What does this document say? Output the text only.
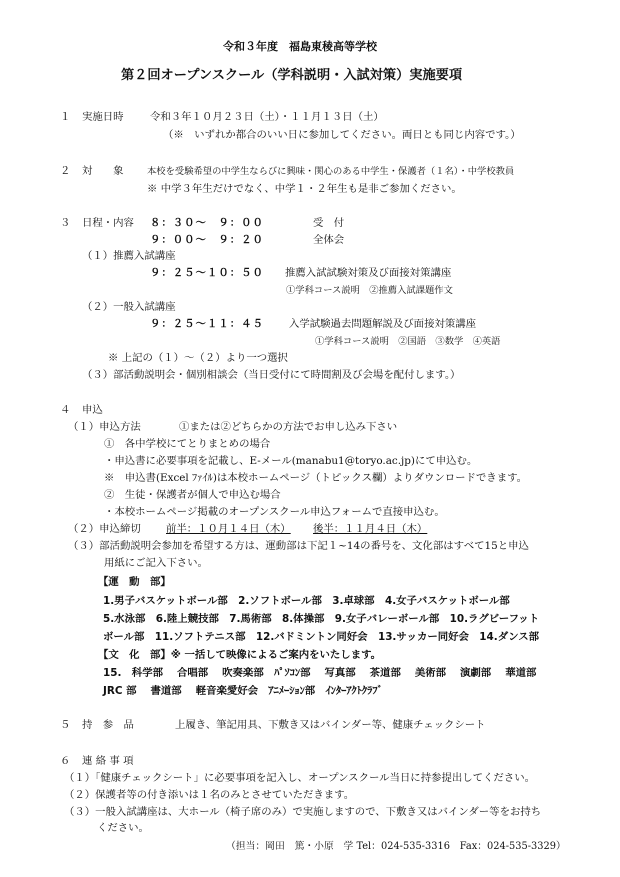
令和３年度　福島東稜高等学校
第２回オープンスクール（学科説明・入試対策）実施要項
１ 実施日時	令和３年１０月２３日（土）・１１月１３日（土）
（※　いずれか都合のいい日に参加してください。両日とも同じ内容です。）
２ 対　　象	本校を受験希望の中学生ならびに興味・関心のある中学生・保護者（１名）・中学校教員
※ 中学３年生だけでなく、中学１・２年生も是非ご参加ください。
３ 日程・内容 ８：３０～　９：００	受　付
９：００～　９：２０	全体会
（１）推薦入試講座
９：２５～１０：５０ 推薦入試試験対策及び面接対策講座
①学科コース説明　②推薦入試課題作文
（２）一般入試講座
９：２５～１１：４５ 入学試験過去問題解説及び面接対策講座
①学科コース説明　②国語　③数学　④英語
※ 上記の（１）～（２）より一つ選択
（３）部活動説明会・個別相談会（当日受付にて時間割及び会場を配付します。）
４ 申込
（１）申込方法	①または②どちらかの方法でお申し込み下さい
①　各中学校にてとりまとめの場合
・申込書に必要事項を記載し、E-メール(manabu1@toryo.ac.jp)にて申込む。
※　申込書(Excel ﾌｧｲﾙ)は本校ホームページ（トピックス欄）よりダウンロードできます。
②　生徒・保護者が個人で申込む場合
・本校ホームページ掲載のオープンスクール申込フォームで直接申込む。
（２）申込締切 前半：１０月１４日（木） 後半：１１月４日（木）
（３）部活動説明会参加を希望する方は、運動部は下記１~14の番号を、文化部はすべて15と申込
用紙にご記入下さい。
【運　動　部】
1.男子バスケットボール部　2.ソフトボール部　3.卓球部　4.女子バスケットボール部
5.水泳部　6.陸上競技部　7.馬術部　8.体操部　9.女子バレーボール部　10.ラグビーフット
ボール部　11.ソフトテニス部　12.バドミントン同好会　13.サッカー同好会　14.ダンス部
【文　化　部】※ 一括して映像によるご案内をいたします。
15.　科学部　 合唱部　 吹奏楽部　ﾊﾟｿｺﾝ部　 写真部　 茶道部　 美術部　 演劇部　 華道部
JRC 部　 書道部　 軽音楽愛好会　ｱﾆﾒｰｼｮﾝ部　ｲﾝﾀｰｱｸﾄｸﾗﾌﾞ
５ 持　参　品	上履き、筆記用具、下敷き又はバインダー等、健康チェックシート
６ 連 絡 事 項
（１）「健康チェックシート」に必要事項を記入し、オープンスクール当日に持参提出してください。
（２）保護者等の付き添いは１名のみとさせていただきます。
（３）一般入試講座は、大ホール（椅子席のみ）で実施しますので、下敷き又はバインダー等をお持ち
ください。
（担当：岡田　篤・小原　学 Tel：024-535-3316　Fax：024-535-3329）
